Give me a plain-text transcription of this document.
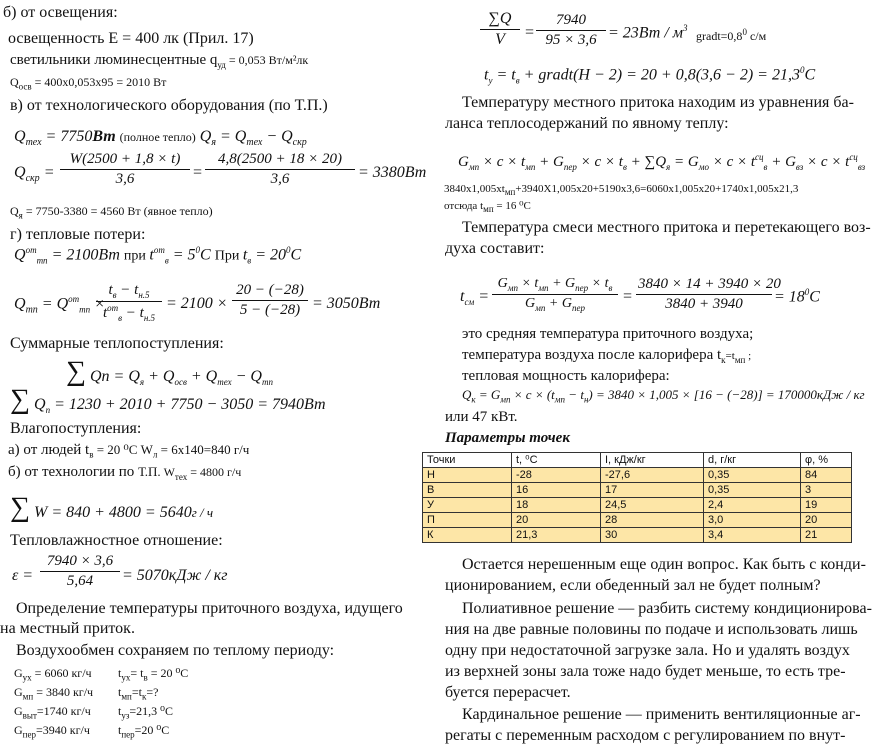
б) от освещения:
освещенность Е = 400 лк (Прил. 17)
светильники люминесцентные $q_{уд} = 0,053$ Вт/м²лк
$Q_{осв} = 400х0,053х95 = 2010$ Вт
в) от технологического оборудования (по Т.П.)
$Q_{тех} = 7750Вт$ (полное тепло) $Q_я = Q_{тех} - Q_{скр}$
$Q_{скр} = \frac{W(2500 + 1,8 \times t)}{3,6} = \frac{4,8(2500 + 18 \times 20)}{3,6} = 3380Вт$
$Q_я = 7750-3380 = 4560$ Вт (явное тепло)
г) тепловые потери:
$Q^{от}_{тп} = 2100Вт$ при $t^{от}_в = 5^0C$ При $t_в = 20^0C$
$Q_{тп} = Q^{от}_{тп}$ ×
$t_в - t_{н.5}$
$t^{от}_в - t_{н.5}$
= $2100 \times \frac{20 - (-28)}{5 - (-28)} = 3050Вт$
Суммарные теплопоступления:
∑ Qп = $Q_я + Q_{осв} + Q_{тех} - Q_{тп}$
∑ $Q_п = 1230 + 2010 + 7750 - 3050 = 7940Вт$
Влагопоступления:
а) от людей $t_в = 20$ ⁰С $W_л = 6х140=840$ г/ч
б) от технологии по Т.П. $W_{тех} = 4800$ г/ч
∑ W = 840 + 4800 = 5640г / ч
Тепловлажностное отношение:
$\varepsilon = \frac{7940 \times 3,6}{5,64} = 5070кДж$ / кг
Определение температуры приточного воздуха, идущего
на местный приток.
Воздухообмен сохраняем по теплому периоду:
$G_{ух} = 6060$ кг/ч $t_{ух}= t_в = 20$ ⁰С
$G_{мп} = 3840$ кг/ч $t_{мп}=t_к=$?
$G_{выт}=1740$ кг/ч $t_{уз}=21,3$ ⁰С
$G_{пер}=3940$ кг/ч $t_{пер}=20$ ⁰С
$\frac{\sum Q}{V} = \frac{7940}{95 \times 3,6} = 23Вт / м^3$
$gradt=0,8^0$ с/м
$t_у = t_в$ + gradt(H − $2) = 20 + 0,8(3,6 - 2) = 21,3^0C$
Температуру местного притока находим из уравнения ба-
ланса теплосодержаний по явному теплу:
$G_{мп} \times c \times t_{мп} + G_{пер} \times c \times t_в + \sum Q_я = G_{мо} \times c \times t^{сц}_в + G_{вз} \times c \times t^{сц}_{вз}$
$3840х1,005хt_{мп}+3940Х1,005х20+5190х3,6=6060х1,005х20+1740х1,005х21,3$
отсюда $t_{мп} = 16$ ⁰С
Температура смеси местного притока и перетекающего воз-
духа составит:
$t_{см}$ =
$G_{мп} \times t_{мп} + G_{пер} \times t_в$
$G_{мп} + G_{пер}$
= $\frac{3840 \times 14 + 3940 \times 20}{3840 + 3940} = 18^0C$
это средняя температура приточного воздуха;
температура воздуха после калорифера $t_к=t_{мп}$ ;
тепловая мощность калорифера:
$Q_к = G_{мп} \times c \times (t_{мп} - t_н) = 3840 \times 1,005 \times [16 - (-28)] = 170000кДж$ / кг
или 47 кВт.
Параметры точек
Точки	t, ⁰С	I, кДж/кг	d, г/кг	φ, %
Н	-28	-27,6	0,35	84
В	16	17	0,35	3
У	18	24,5	2,4	19
П	20	28	3,0	20
К	21,3	30	3,4	21
Остается нерешенным еще один вопрос. Как быть с конди-
ционированием, если обеденный зал не будет полным?
Полиативное решение — разбить систему кондиционирова-
ния на две равные половины по подаче и использовать лишь
одну при недостаточной загрузке зала. Но и удалять воздух
из верхней зоны зала тоже надо будет меньше, то есть тре-
буется перерасчет.
Кардинальное решение — применить вентиляционные аг-
регаты с переменным расходом с регулированием по внут-
